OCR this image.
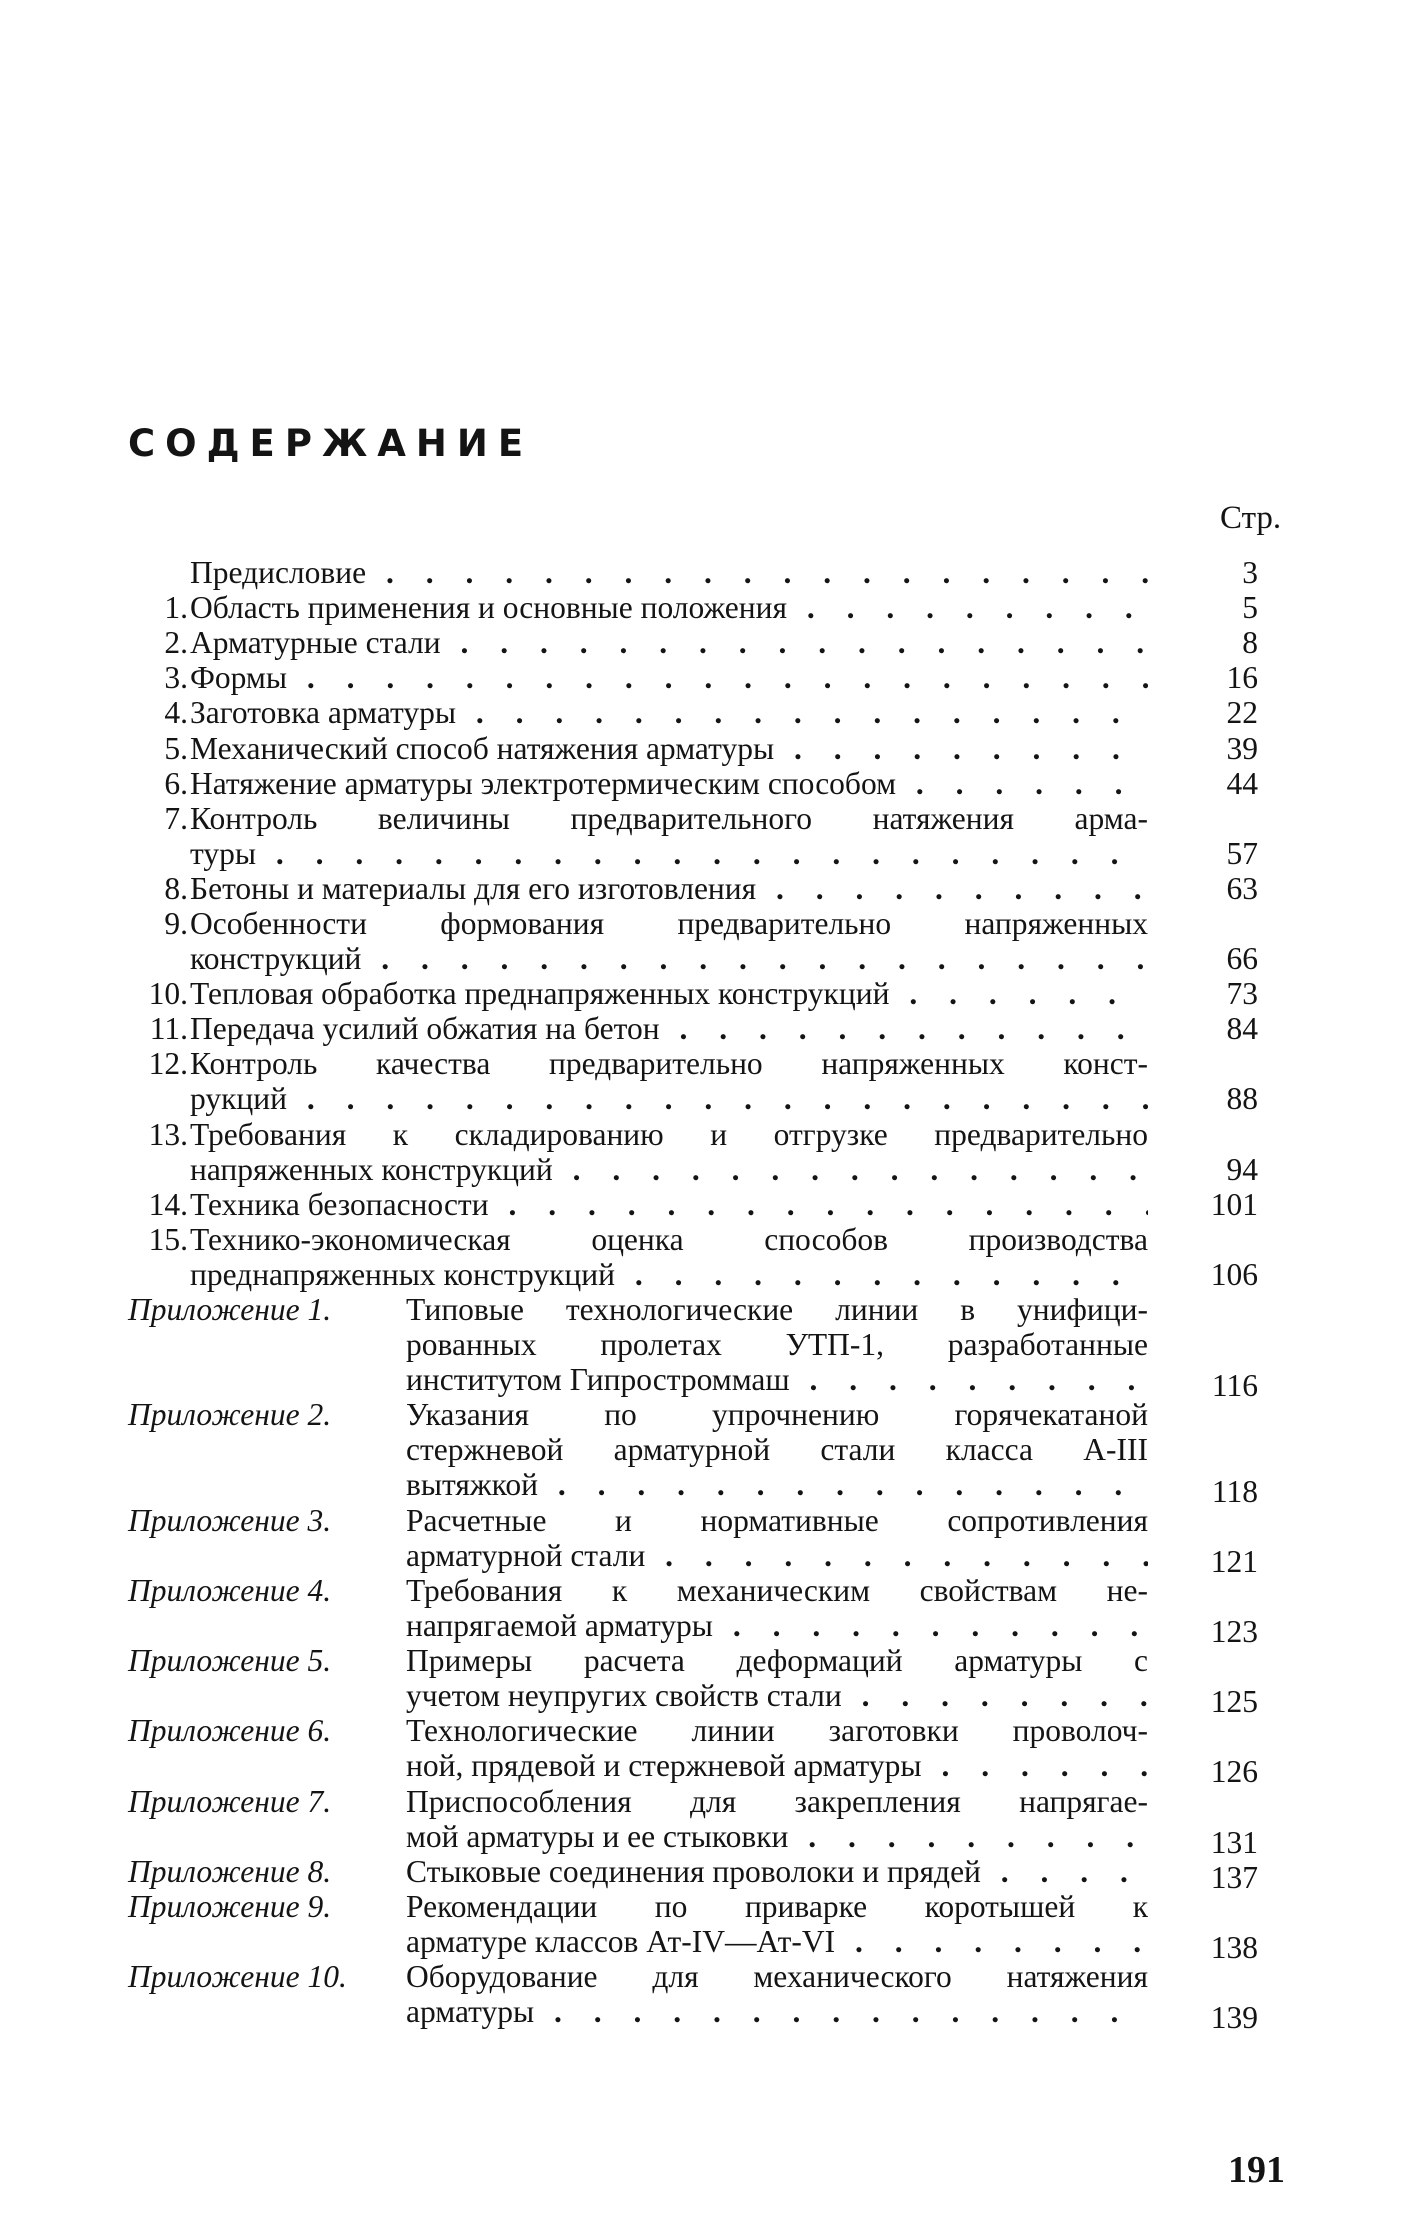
СОДЕРЖАНИЕ
Стр.
Предисловие . . .	3
1. Область применения и основные положения . . .	5
2. Арматурные стали . . .	8
3. Формы . . .	16
4. Заготовка арматуры . . .	22
5. Механический способ натяжения арматуры . . .	39
6. Натяжение арматуры электротермическим способом . . .	44
7. Контроль величины предварительного натяжения арма-
туры . . .	57
8. Бетоны и материалы для его изготовления . . .	63
9. Особенности формования предварительно напряженных
конструкций . . .	66
10. Тепловая обработка преднапряженных конструкций . . .	73
11. Передача усилий обжатия на бетон . . .	84
12. Контроль качества предварительно напряженных конст-
рукций . . .	88
13. Требования к складированию и отгрузке предварительно
напряженных конструкций . . .	94
14. Техника безопасности . . .	101
15. Технико-экономическая оценка способов производства
преднапряженных конструкций . . .	106
Приложение 1.	Типовые технологические линии в унифици-
рованных пролетах УТП-1, разработанные
институтом Гипростроммаш . . .	116
Приложение 2.	Указания по упрочнению горячекатаной
стержневой арматурной стали класса А-III
вытяжкой . . .	118
Приложение 3.	Расчетные и нормативные сопротивления
арматурной стали . . .	121
Приложение 4.	Требования к механическим свойствам не-
напрягаемой арматуры . . .	123
Приложение 5.	Примеры расчета деформаций арматуры с
учетом неупругих свойств стали . . .	125
Приложение 6.	Технологические линии заготовки проволоч-
ной, прядевой и стержневой арматуры . . .	126
Приложение 7.	Приспособления для закрепления напрягае-
мой арматуры и ее стыковки . . .	131
Приложение 8.	Стыковые соединения проволоки и прядей . . .	137
Приложение 9.	Рекомендации по приварке коротышей к
арматуре классов Ат-IV—Ат-VI . . .	138
Приложение 10.	Оборудование для механического натяжения
арматуры . . .	139
191
